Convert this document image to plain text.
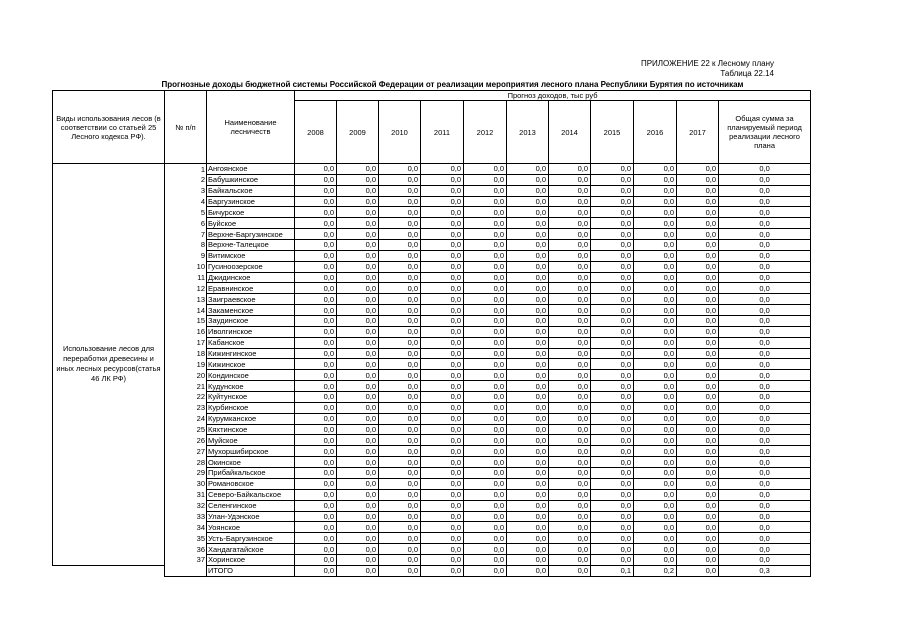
ПРИЛОЖЕНИЕ 22 к Лесному плану
Таблица 22.14
Прогнозные доходы бюджетной системы Российской Федерации от реализации мероприятия лесного плана Республики Бурятия по источникам
Виды использования лесов (в соответствии со статьей 25 Лесного кодекса РФ).	№ п/п	Наименование лесничеств	Прогноз доходов, тыс руб										
			2008	2009	2010	2011	2012	2013	2014	2015	2016	2017	Общая сумма за планируемый период реализации лесного плана
Использование лесов для переработки древесины и иных лесных ресурсов(статья 46 ЛК РФ)	1	Ангоянское	0,0	0,0	0,0	0,0	0,0	0,0	0,0	0,0	0,0	0,0	0,0
	2	Бабушкинское	0,0	0,0	0,0	0,0	0,0	0,0	0,0	0,0	0,0	0,0	0,0
	3	Байкальское	0,0	0,0	0,0	0,0	0,0	0,0	0,0	0,0	0,0	0,0	0,0
	4	Баргузинское	0,0	0,0	0,0	0,0	0,0	0,0	0,0	0,0	0,0	0,0	0,0
	5	Бичурское	0,0	0,0	0,0	0,0	0,0	0,0	0,0	0,0	0,0	0,0	0,0
	6	Буйское	0,0	0,0	0,0	0,0	0,0	0,0	0,0	0,0	0,0	0,0	0,0
	7	Верхне-Баргузинское	0,0	0,0	0,0	0,0	0,0	0,0	0,0	0,0	0,0	0,0	0,0
	8	Верхне-Талецкое	0,0	0,0	0,0	0,0	0,0	0,0	0,0	0,0	0,0	0,0	0,0
	9	Витимское	0,0	0,0	0,0	0,0	0,0	0,0	0,0	0,0	0,0	0,0	0,0
	10	Гусиноозерское	0,0	0,0	0,0	0,0	0,0	0,0	0,0	0,0	0,0	0,0	0,0
	11	Джидинское	0,0	0,0	0,0	0,0	0,0	0,0	0,0	0,0	0,0	0,0	0,0
	12	Еравнинское	0,0	0,0	0,0	0,0	0,0	0,0	0,0	0,0	0,0	0,0	0,0
	13	Заиграевское	0,0	0,0	0,0	0,0	0,0	0,0	0,0	0,0	0,0	0,0	0,0
	14	Закаменское	0,0	0,0	0,0	0,0	0,0	0,0	0,0	0,0	0,0	0,0	0,0
	15	Заудинское	0,0	0,0	0,0	0,0	0,0	0,0	0,0	0,0	0,0	0,0	0,0
	16	Иволгинское	0,0	0,0	0,0	0,0	0,0	0,0	0,0	0,0	0,0	0,0	0,0
	17	Кабанское	0,0	0,0	0,0	0,0	0,0	0,0	0,0	0,0	0,0	0,0	0,0
	18	Кижингинское	0,0	0,0	0,0	0,0	0,0	0,0	0,0	0,0	0,0	0,0	0,0
	19	Кижинское	0,0	0,0	0,0	0,0	0,0	0,0	0,0	0,0	0,0	0,0	0,0
	20	Кондинское	0,0	0,0	0,0	0,0	0,0	0,0	0,0	0,0	0,0	0,0	0,0
	21	Кудунское	0,0	0,0	0,0	0,0	0,0	0,0	0,0	0,0	0,0	0,0	0,0
	22	Куйтунское	0,0	0,0	0,0	0,0	0,0	0,0	0,0	0,0	0,0	0,0	0,0
	23	Курбинское	0,0	0,0	0,0	0,0	0,0	0,0	0,0	0,0	0,0	0,0	0,0
	24	Курумканское	0,0	0,0	0,0	0,0	0,0	0,0	0,0	0,0	0,0	0,0	0,0
	25	Кяхтинское	0,0	0,0	0,0	0,0	0,0	0,0	0,0	0,0	0,0	0,0	0,0
	26	Муйское	0,0	0,0	0,0	0,0	0,0	0,0	0,0	0,0	0,0	0,0	0,0
	27	Мухоршибирское	0,0	0,0	0,0	0,0	0,0	0,0	0,0	0,0	0,0	0,0	0,0
	28	Окинское	0,0	0,0	0,0	0,0	0,0	0,0	0,0	0,0	0,0	0,0	0,0
	29	Прибайкальское	0,0	0,0	0,0	0,0	0,0	0,0	0,0	0,0	0,0	0,0	0,0
	30	Романовское	0,0	0,0	0,0	0,0	0,0	0,0	0,0	0,0	0,0	0,0	0,0
	31	Северо-Байкальское	0,0	0,0	0,0	0,0	0,0	0,0	0,0	0,0	0,0	0,0	0,0
	32	Селенгинское	0,0	0,0	0,0	0,0	0,0	0,0	0,0	0,0	0,0	0,0	0,0
	33	Улан-Удэнское	0,0	0,0	0,0	0,0	0,0	0,0	0,0	0,0	0,0	0,0	0,0
	34	Уоянское	0,0	0,0	0,0	0,0	0,0	0,0	0,0	0,0	0,0	0,0	0,0
	35	Усть-Баргузинское	0,0	0,0	0,0	0,0	0,0	0,0	0,0	0,0	0,0	0,0	0,0
	36	Хандагатайское	0,0	0,0	0,0	0,0	0,0	0,0	0,0	0,0	0,0	0,0	0,0
	37	Хоринское	0,0	0,0	0,0	0,0	0,0	0,0	0,0	0,0	0,0	0,0	0,0
		ИТОГО	0,0	0,0	0,0	0,0	0,0	0,0	0,0	0,1	0,2	0,0	0,3
